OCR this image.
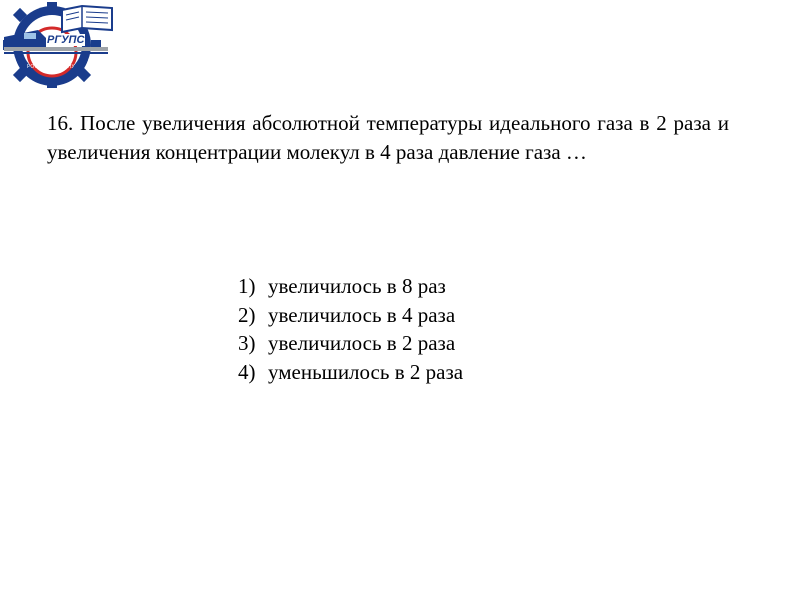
РГУПС
РОСТОВ-НА-ДОНУ
16. После увеличения абсолютной температуры идеального газа в 2 раза и увеличения концентрации молекул в 4 раза давление газа …
1) увеличилось в 8 раз
2) увеличилось в 4 раза
3) увеличилось в 2 раза
4) уменьшилось в 2 раза
